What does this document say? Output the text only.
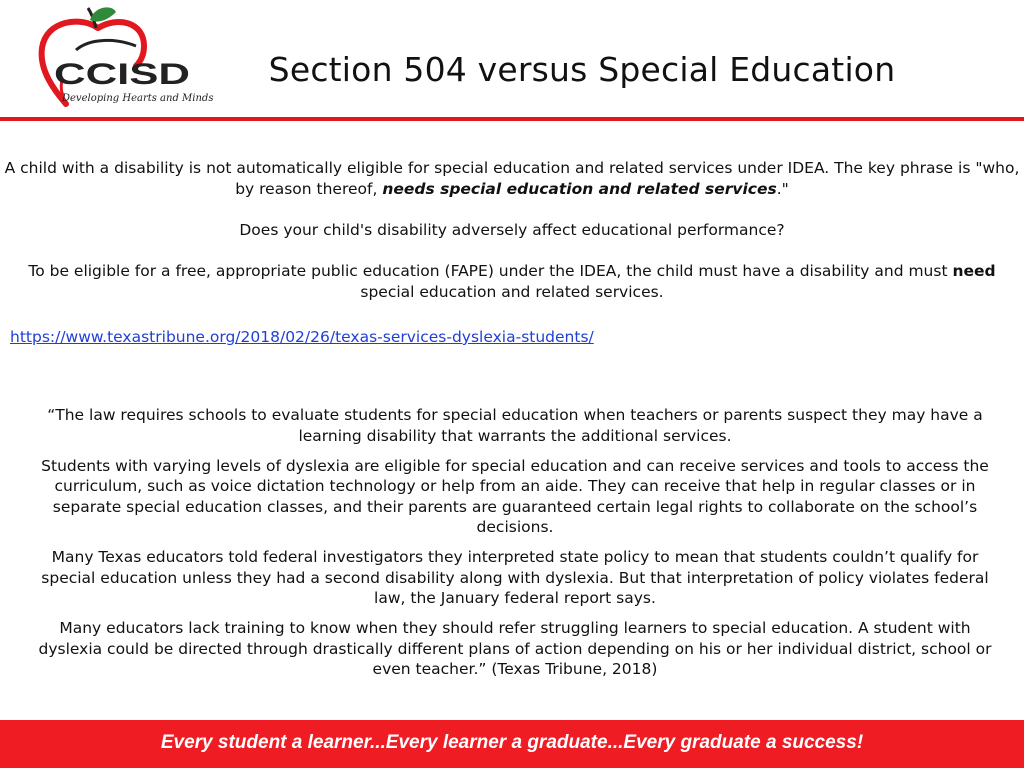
CCISD
Developing Hearts and Minds
Section 504 versus Special Education

A child with a disability is not automatically eligible for special education and related services under IDEA. The key phrase is "who, by reason thereof, needs special education and related services."

Does your child's disability adversely affect educational performance?

To be eligible for a free, appropriate public education (FAPE) under the IDEA, the child must have a disability and must need special education and related services.

https://www.texastribune.org/2018/02/26/texas-services-dyslexia-students/

“The law requires schools to evaluate students for special education when teachers or parents suspect they may have a learning disability that warrants the additional services.

Students with varying levels of dyslexia are eligible for special education and can receive services and tools to access the curriculum, such as voice dictation technology or help from an aide. They can receive that help in regular classes or in separate special education classes, and their parents are guaranteed certain legal rights to collaborate on the school’s decisions.

Many Texas educators told federal investigators they interpreted state policy to mean that students couldn’t qualify for special education unless they had a second disability along with dyslexia. But that interpretation of policy violates federal law, the January federal report says.

Many educators lack training to know when they should refer struggling learners to special education. A student with dyslexia could be directed through drastically different plans of action depending on his or her individual district, school or even teacher.” (Texas Tribune, 2018)

Every student a learner...Every learner a graduate...Every graduate a success!
